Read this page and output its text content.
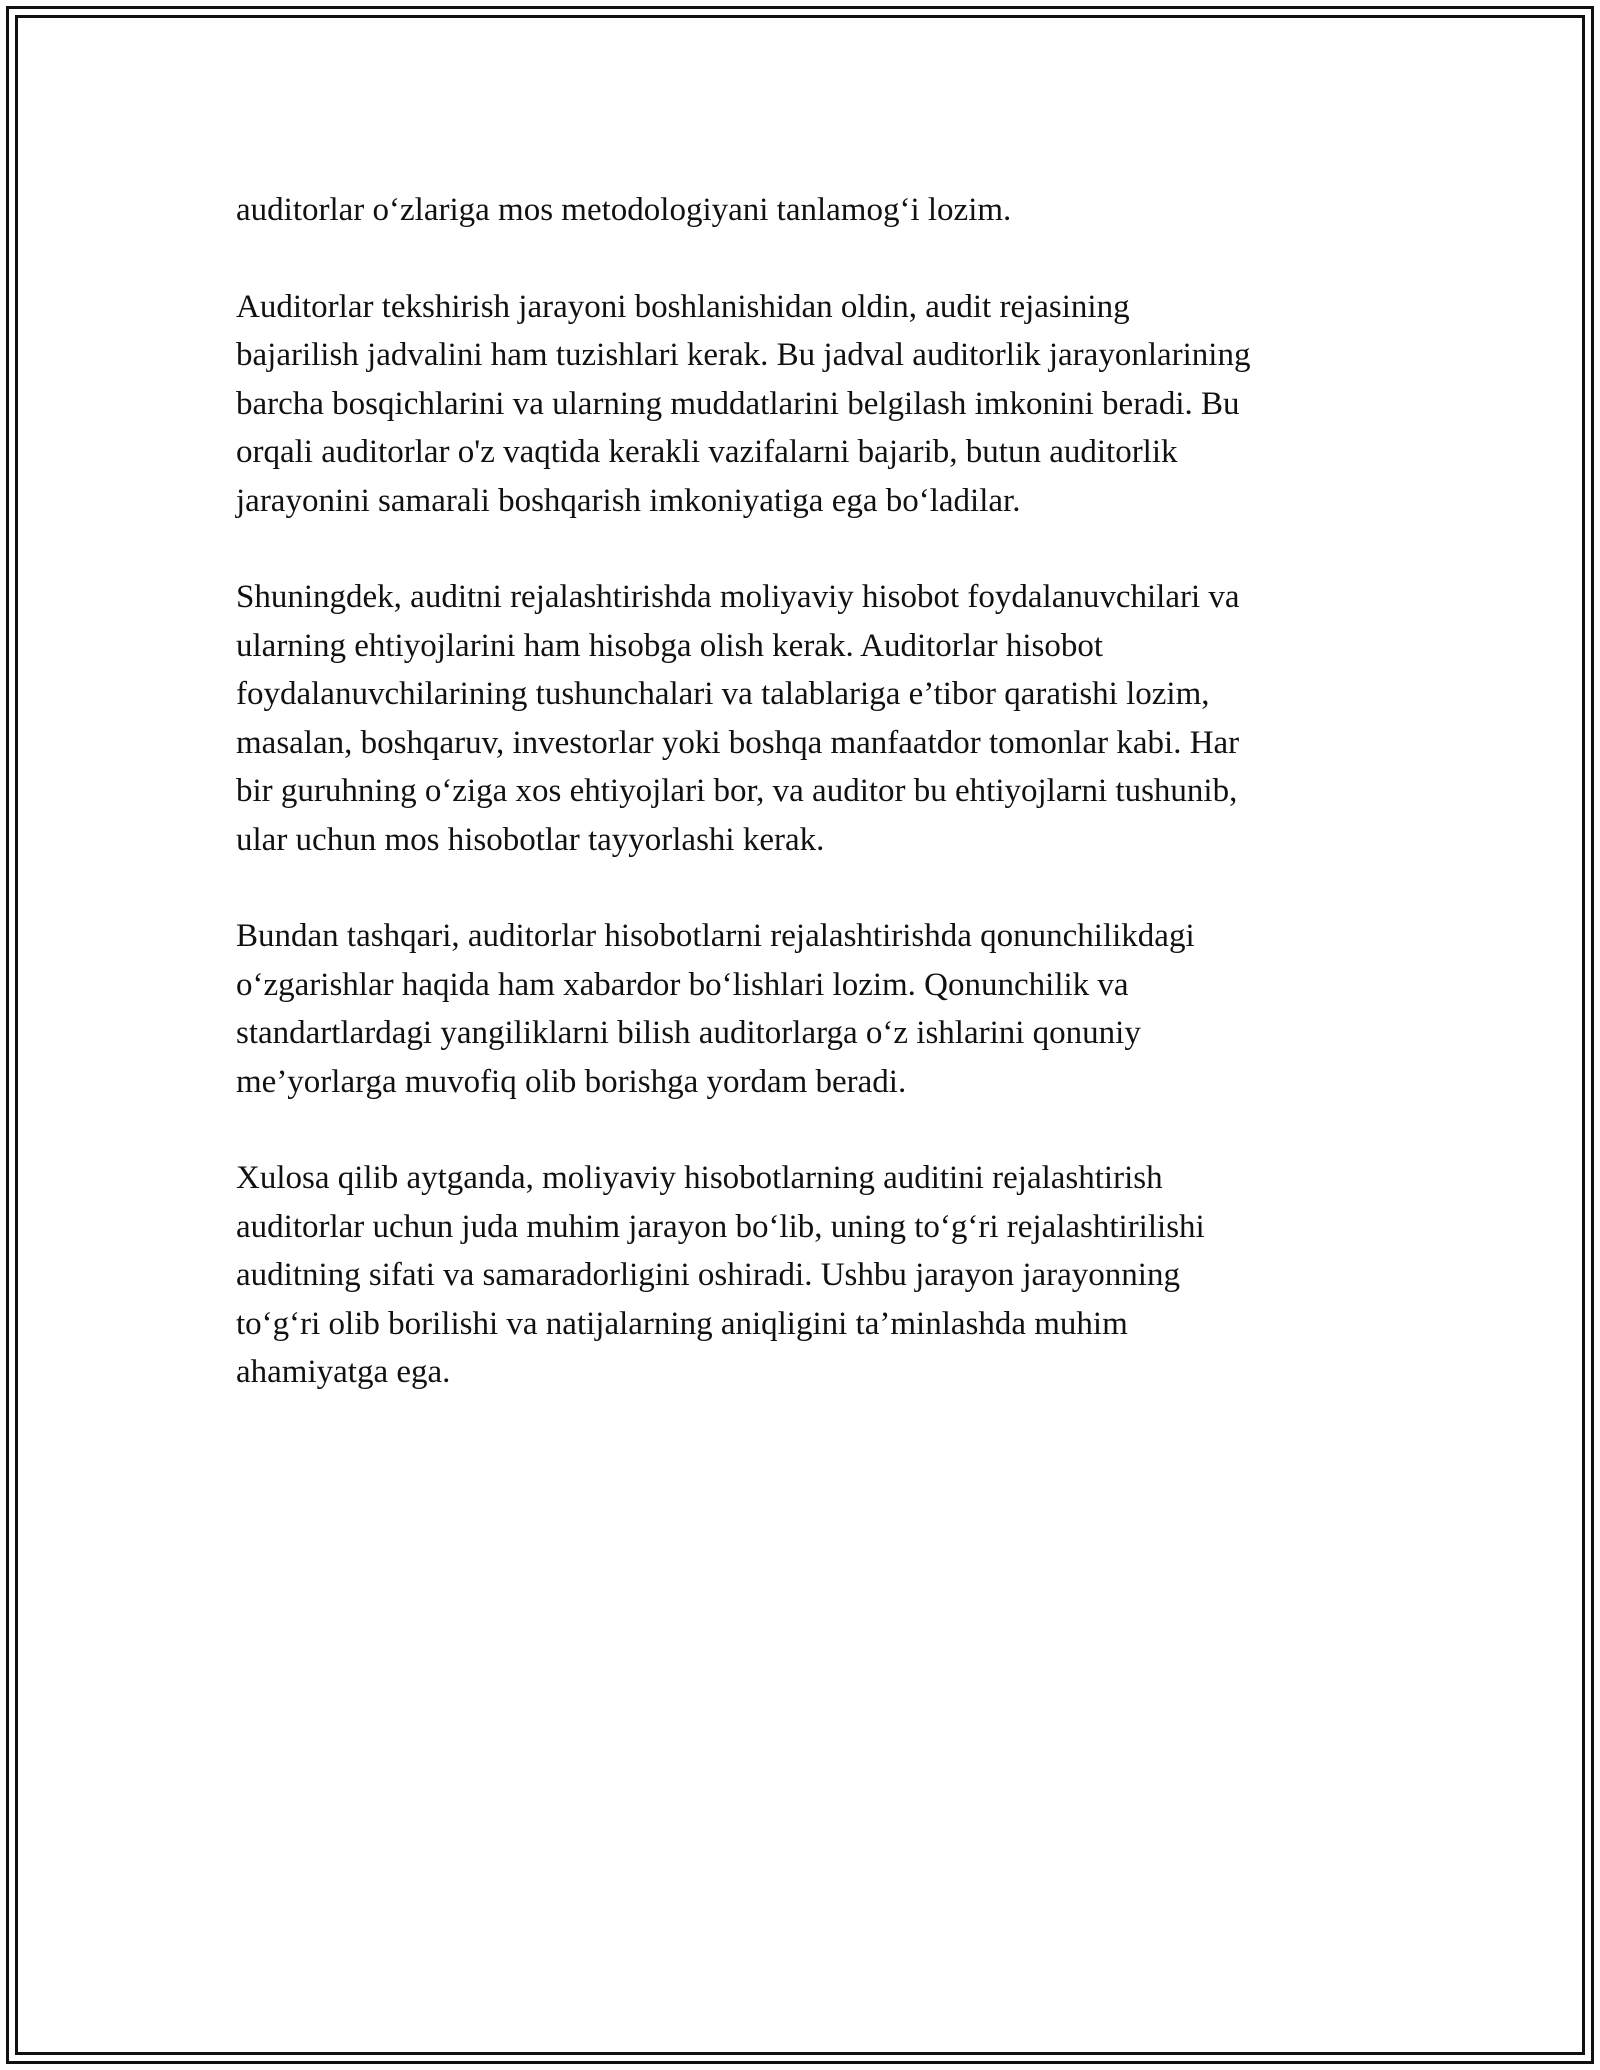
auditorlar o‘zlariga mos metodologiyani tanlamog‘i lozim.

Auditorlar tekshirish jarayoni boshlanishidan oldin, audit rejasining
bajarilish jadvalini ham tuzishlari kerak. Bu jadval auditorlik jarayonlarining
barcha bosqichlarini va ularning muddatlarini belgilash imkonini beradi. Bu
orqali auditorlar o'z vaqtida kerakli vazifalarni bajarib, butun auditorlik
jarayonini samarali boshqarish imkoniyatiga ega bo‘ladilar.

Shuningdek, auditni rejalashtirishda moliyaviy hisobot foydalanuvchilari va
ularning ehtiyojlarini ham hisobga olish kerak. Auditorlar hisobot
foydalanuvchilarining tushunchalari va talablariga e’tibor qaratishi lozim,
masalan, boshqaruv, investorlar yoki boshqa manfaatdor tomonlar kabi. Har
bir guruhning o‘ziga xos ehtiyojlari bor, va auditor bu ehtiyojlarni tushunib,
ular uchun mos hisobotlar tayyorlashi kerak.

Bundan tashqari, auditorlar hisobotlarni rejalashtirishda qonunchilikdagi
o‘zgarishlar haqida ham xabardor bo‘lishlari lozim. Qonunchilik va
standartlardagi yangiliklarni bilish auditorlarga o‘z ishlarini qonuniy
me’yorlarga muvofiq olib borishga yordam beradi.

Xulosa qilib aytganda, moliyaviy hisobotlarning auditini rejalashtirish
auditorlar uchun juda muhim jarayon bo‘lib, uning to‘g‘ri rejalashtirilishi
auditning sifati va samaradorligini oshiradi. Ushbu jarayon jarayonning
to‘g‘ri olib borilishi va natijalarning aniqligini ta’minlashda muhim
ahamiyatga ega.
